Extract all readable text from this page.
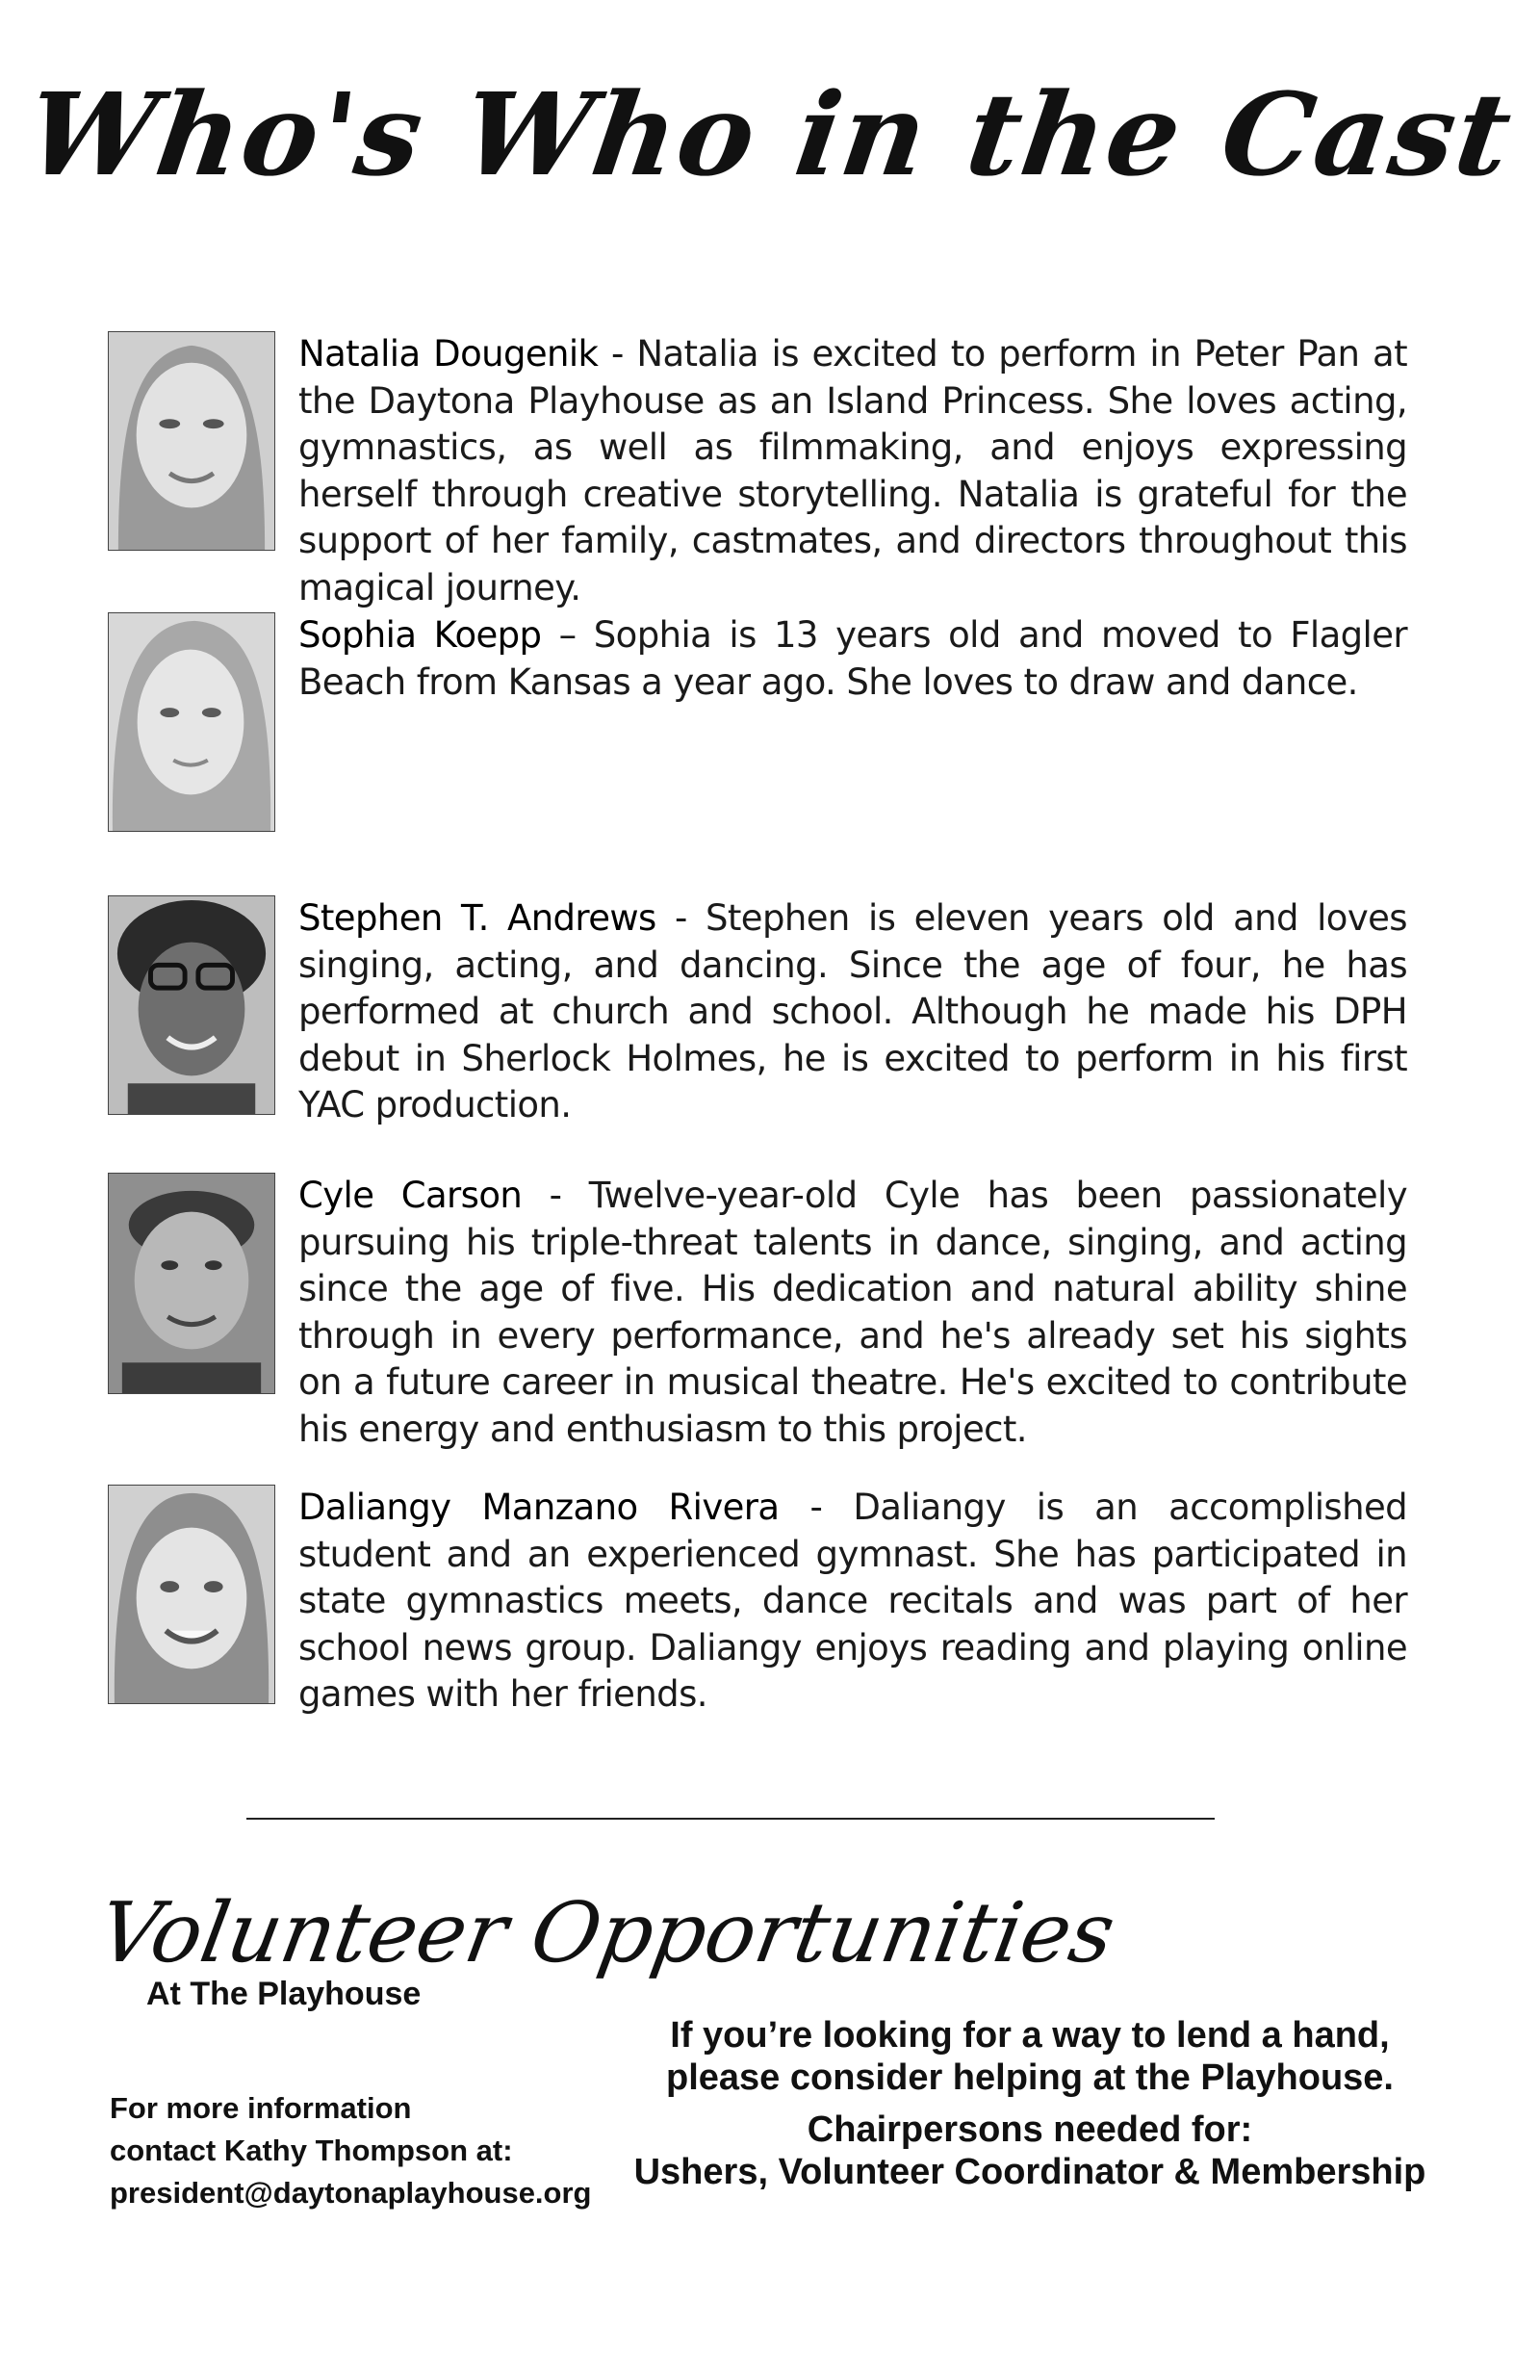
Who's Who in the Cast

Natalia Dougenik - Natalia is excited to perform in Peter Pan at the Daytona Playhouse as an Island Princess. She loves acting, gymnastics, as well as filmmaking, and enjoys expressing herself through creative storytelling. Natalia is grateful for the support of her family, castmates, and directors throughout this magical journey.

Sophia Koepp – Sophia is 13 years old and moved to Flagler Beach from Kansas a year ago. She loves to draw and dance.

Stephen T. Andrews - Stephen is eleven years old and loves singing, acting, and dancing. Since the age of four, he has performed at church and school. Although he made his DPH debut in Sherlock Holmes, he is excited to perform in his first YAC production.

Cyle Carson - Twelve-year-old Cyle has been passionately pursuing his triple-threat talents in dance, singing, and acting since the age of five. His dedication and natural ability shine through in every performance, and he's already set his sights on a future career in musical theatre. He's excited to contribute his energy and enthusiasm to this project.

Daliangy Manzano Rivera - Daliangy is an accomplished student and an experienced gymnast. She has participated in state gymnastics meets, dance recitals and was part of her school news group. Daliangy enjoys reading and playing online games with her friends.

Volunteer Opportunities
At The Playhouse
For more information
contact Kathy Thompson at:
president@daytonaplayhouse.org
If you’re looking for a way to lend a hand,
please consider helping at the Playhouse.
Chairpersons needed for:
Ushers, Volunteer Coordinator & Membership
